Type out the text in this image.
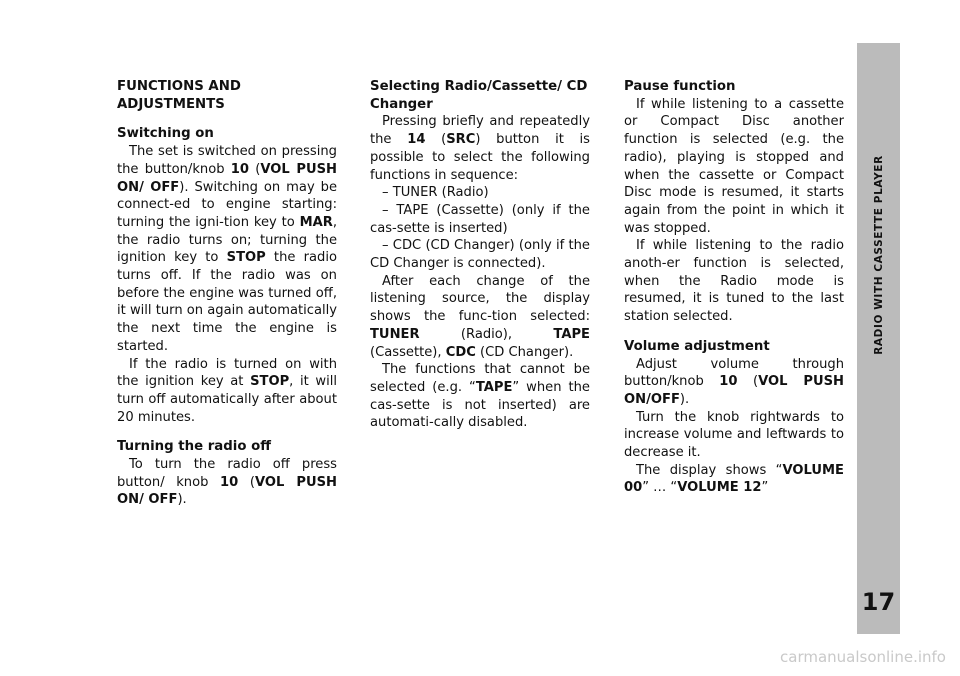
FUNCTIONS AND ADJUSTMENTS
Switching on

The set is switched on pressing the button/knob 10 (VOL PUSH ON/ OFF). Switching on may be connect-ed to engine starting: turning the igni-tion key to MAR, the radio turns on; turning the ignition key to STOP the radio turns off. If the radio was on before the engine was turned off, it will turn on again automatically the next time the engine is started.

If the radio is turned on with the ignition key at STOP, it will turn off automatically after about 20 minutes.

Turning the radio off

To turn the radio off press button/ knob 10 (VOL PUSH ON/ OFF).

Selecting Radio/Cassette/ CD Changer

Pressing briefly and repeatedly the 14 (SRC) button it is possible to select the following functions in sequence:

– TUNER (Radio)

– TAPE (Cassette) (only if the cas-sette is inserted)

– CDC (CD Changer) (only if the CD Changer is connected).

After each change of the listening source, the display shows the func-tion selected: TUNER (Radio), TAPE (Cassette), CDC (CD Changer).

The functions that cannot be selected (e.g. “TAPE” when the cas-sette is not inserted) are automati-cally disabled.

Pause function

If while listening to a cassette or Compact Disc another function is selected (e.g. the radio), playing is stopped and when the cassette or Compact Disc mode is resumed, it starts again from the point in which it was stopped.

If while listening to the radio anoth-er function is selected, when the Radio mode is resumed, it is tuned to the last station selected.

Volume adjustment

Adjust volume through button/knob 10 (VOL PUSH ON/OFF).

Turn the knob rightwards to increase volume and leftwards to decrease it.

The display shows “VOLUME 00” … “VOLUME 12”

RADIO WITH CASSETTE PLAYER
17
carmanualsonline.info
